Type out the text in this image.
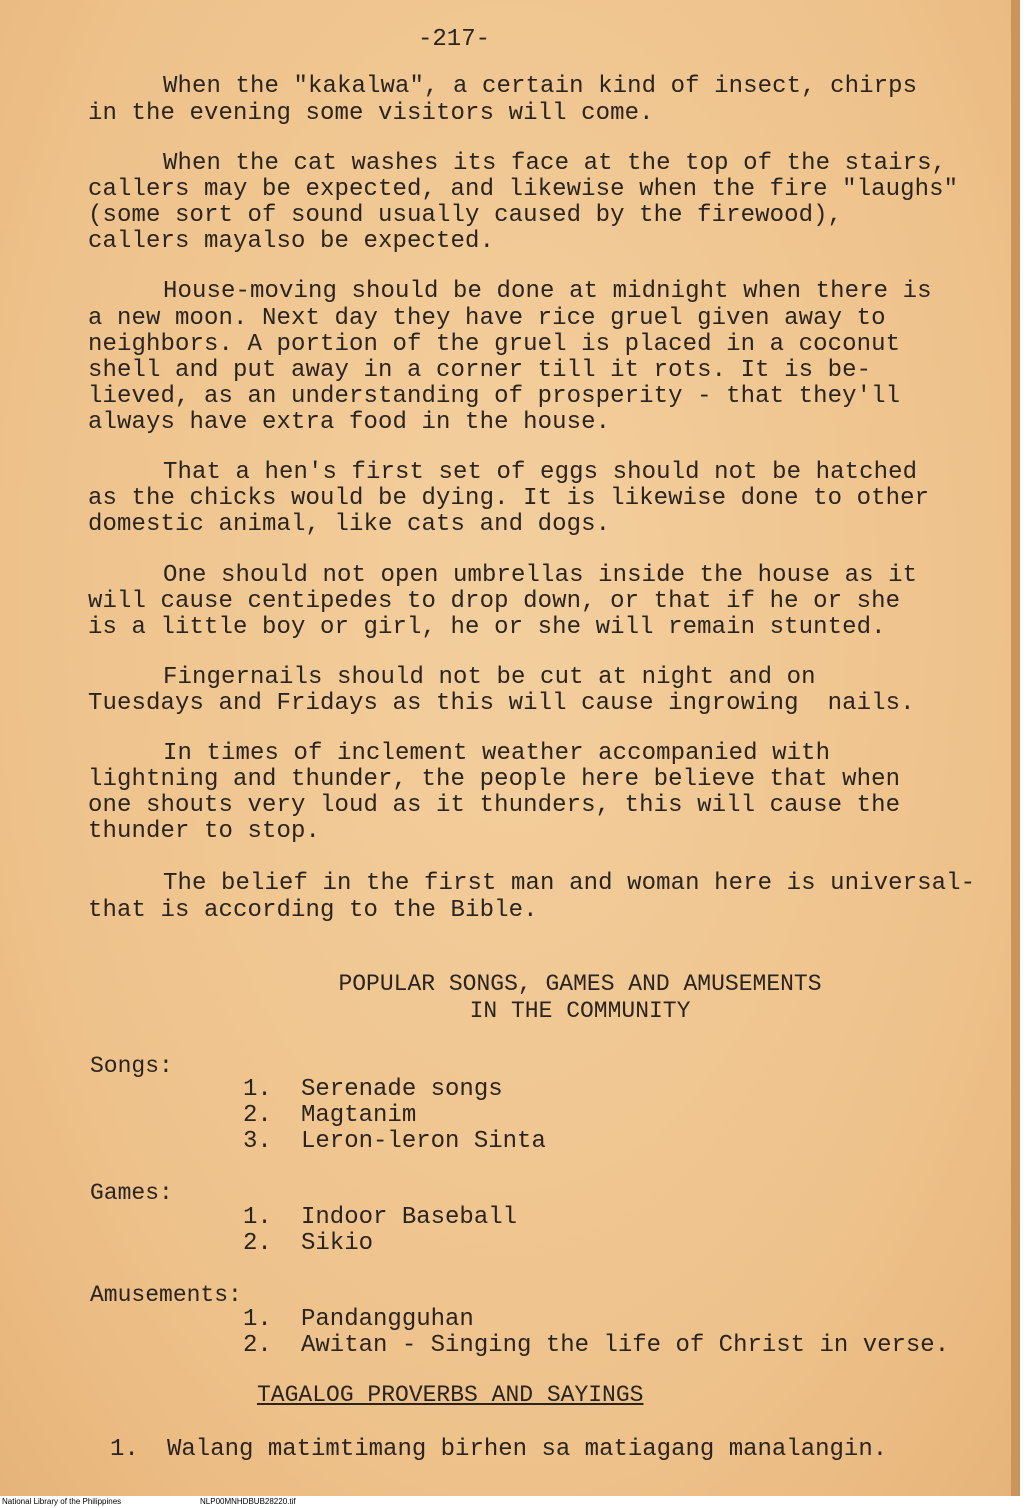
-217-
When the "kakalwa", a certain kind of insect, chirps
in the evening some visitors will come.
When the cat washes its face at the top of the stairs,
callers may be expected, and likewise when the fire "laughs"
(some sort of sound usually caused by the firewood),
callers mayalso be expected.
House-moving should be done at midnight when there is
a new moon. Next day they have rice gruel given away to
neighbors. A portion of the gruel is placed in a coconut
shell and put away in a corner till it rots. It is be-
lieved, as an understanding of prosperity - that they'll
always have extra food in the house.
That a hen's first set of eggs should not be hatched
as the chicks would be dying. It is likewise done to other
domestic animal, like cats and dogs.
One should not open umbrellas inside the house as it
will cause centipedes to drop down, or that if he or she
is a little boy or girl, he or she will remain stunted.
Fingernails should not be cut at night and on
Tuesdays and Fridays as this will cause ingrowing  nails.
In times of inclement weather accompanied with
lightning and thunder, the people here believe that when
one shouts very loud as it thunders, this will cause the
thunder to stop.
The belief in the first man and woman here is universal-
that is according to the Bible.
POPULAR SONGS, GAMES AND AMUSEMENTS
IN THE COMMUNITY
Songs:
1. Serenade songs
2. Magtanim
3. Leron-leron Sinta
Games:
1. Indoor Baseball
2. Sikio
Amusements:
1. Pandangguhan
2. Awitan - Singing the life of Christ in verse.
TAGALOG PROVERBS AND SAYINGS
1. Walang matimtimang birhen sa matiagang manalangin.
National Library of the Philippines	NLP00MNHDBUB28220.tif
